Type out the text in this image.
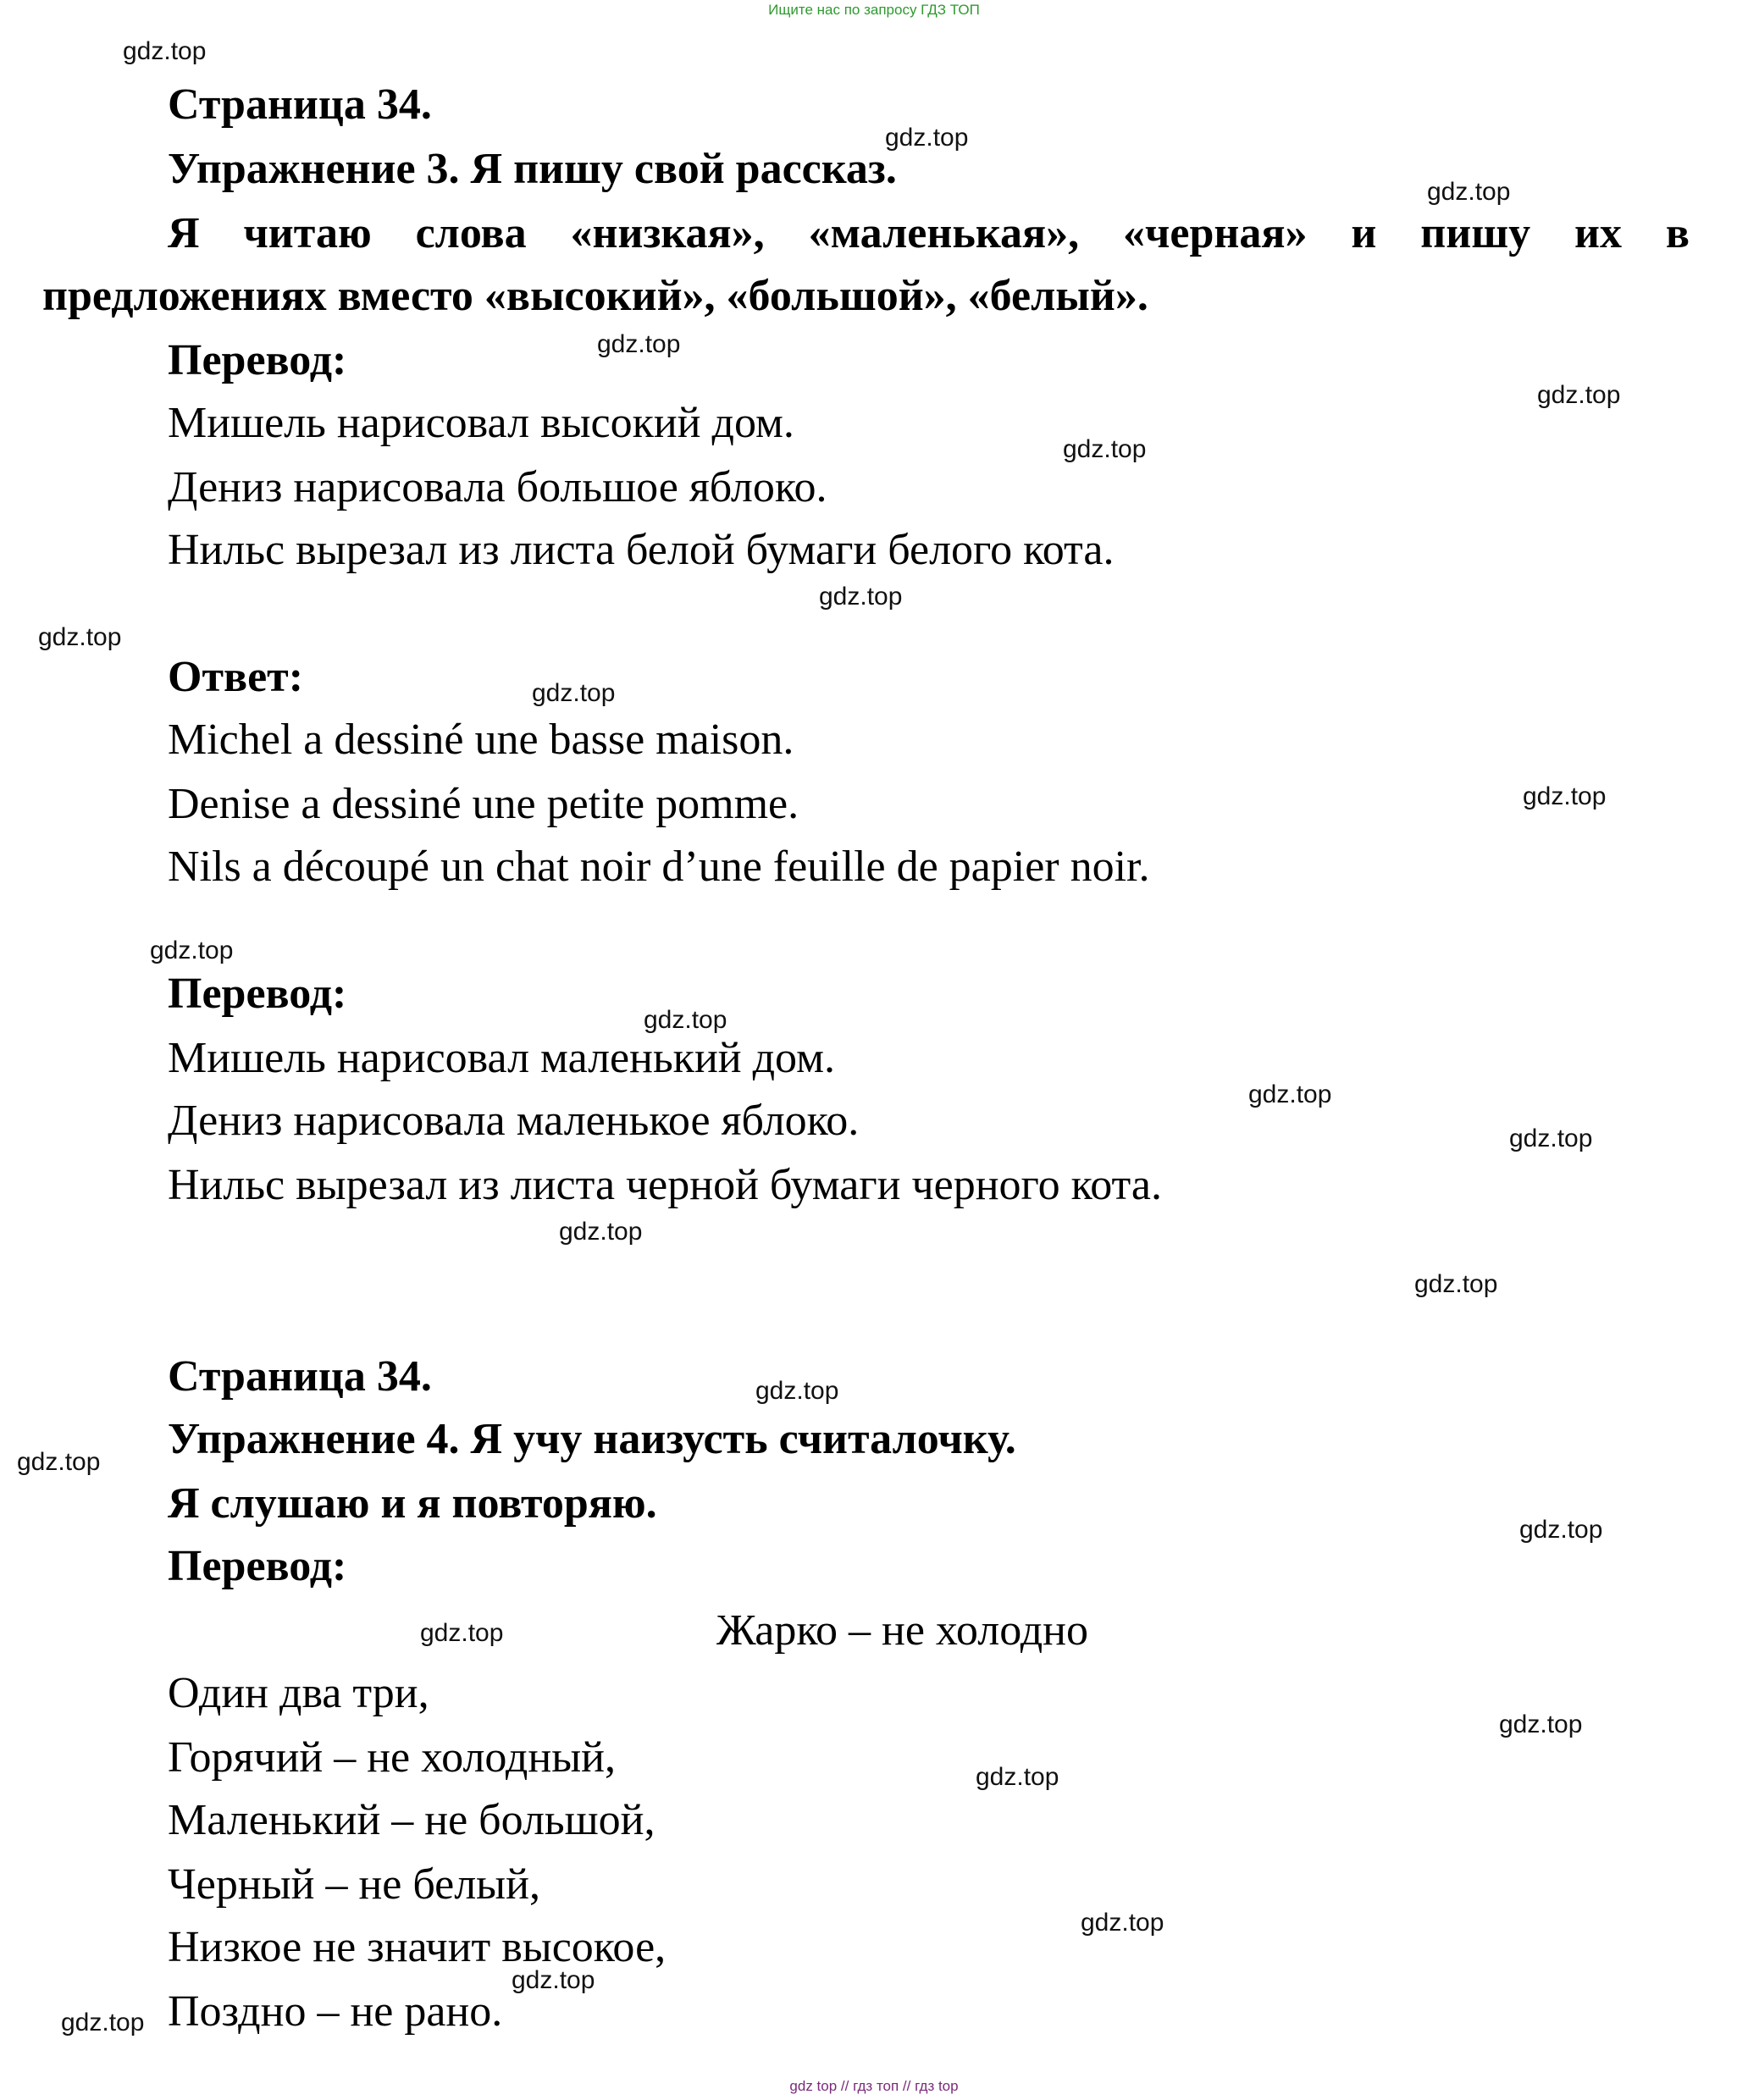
Ищите нас по запросу ГДЗ ТОП
Страница 34.
Упражнение 3. Я пишу свой рассказ.
Я читаю слова «низкая», «маленькая», «черная» и пишу их в
предложениях вместо «высокий», «большой», «белый».
Перевод:
Мишель нарисовал высокий дом.
Дениз нарисовала большое яблоко.
Нильс вырезал из листа белой бумаги белого кота.
Ответ:
Michel a dessiné une basse maison.
Denise a dessiné une petite pomme.
Nils a découpé un chat noir d’une feuille de papier noir.
Перевод:
Мишель нарисовал маленький дом.
Дениз нарисовала маленькое яблоко.
Нильс вырезал из листа черной бумаги черного кота.
Страница 34.
Упражнение 4. Я учу наизусть считалочку.
Я слушаю и я повторяю.
Перевод:
Жарко – не холодно
Один два три,
Горячий – не холодный,
Маленький – не большой,
Черный – не белый,
Низкое не значит высокое,
Поздно – не рано.
gdz.top
gdz.top
gdz.top
gdz.top
gdz.top
gdz.top
gdz.top
gdz.top
gdz.top
gdz.top
gdz.top
gdz.top
gdz.top
gdz.top
gdz.top
gdz.top
gdz.top
gdz.top
gdz.top
gdz.top
gdz.top
gdz.top
gdz.top
gdz.top
gdz.top
gdz top // гдз топ // гдз top
